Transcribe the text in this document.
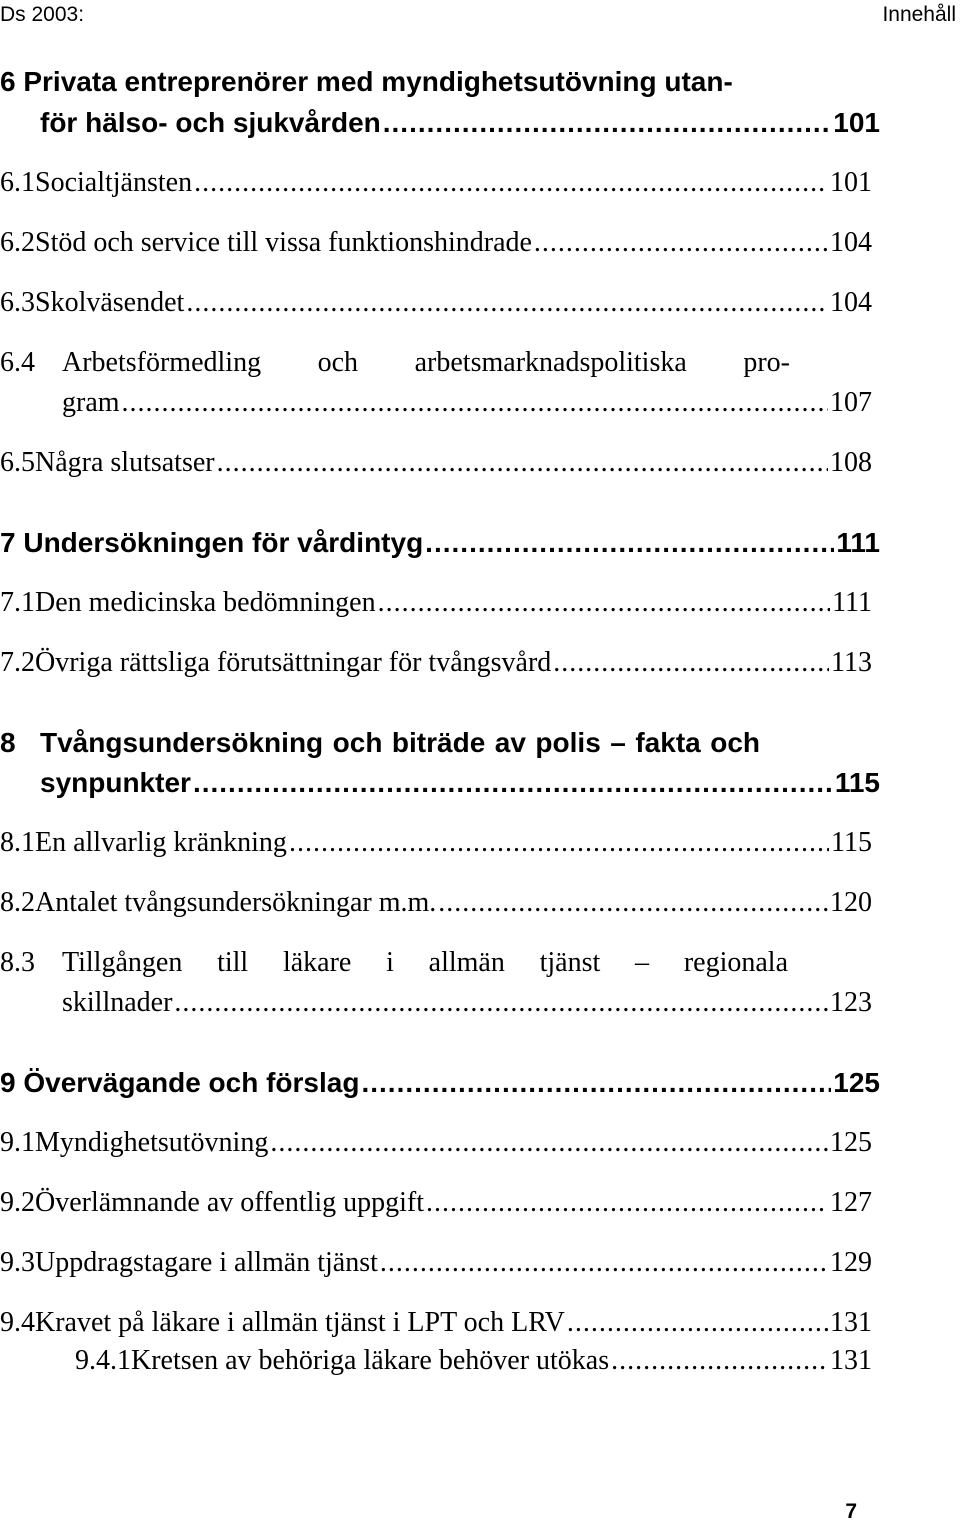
Ds 2003:	Innehåll
6 Privata entreprenörer med myndighetsutövning utan-
för hälso- och sjukvården .....	101
6.1 Socialtjänsten .....	101
6.2 Stöd och service till vissa funktionshindrade .....	104
6.3 Skolväsendet .....	104
6.4 Arbetsförmedling och arbetsmarknadspolitiska pro-
gram .....	107
6.5 Några slutsatser .....	108
7 Undersökningen för vårdintyg .....	111
7.1 Den medicinska bedömningen .....	111
7.2 Övriga rättsliga förutsättningar för tvångsvård .....	113
8 Tvångsundersökning och biträde av polis – fakta och
synpunkter .....	115
8.1 En allvarlig kränkning .....	115
8.2 Antalet tvångsundersökningar m.m. .....	120
8.3 Tillgången till läkare i allmän tjänst – regionala
skillnader .....	123
9 Övervägande och förslag .....	125
9.1 Myndighetsutövning .....	125
9.2 Överlämnande av offentlig uppgift .....	127
9.3 Uppdragstagare i allmän tjänst .....	129
9.4 Kravet på läkare i allmän tjänst i LPT och LRV .....	131
9.4.1 Kretsen av behöriga läkare behöver utökas .....	131
7
